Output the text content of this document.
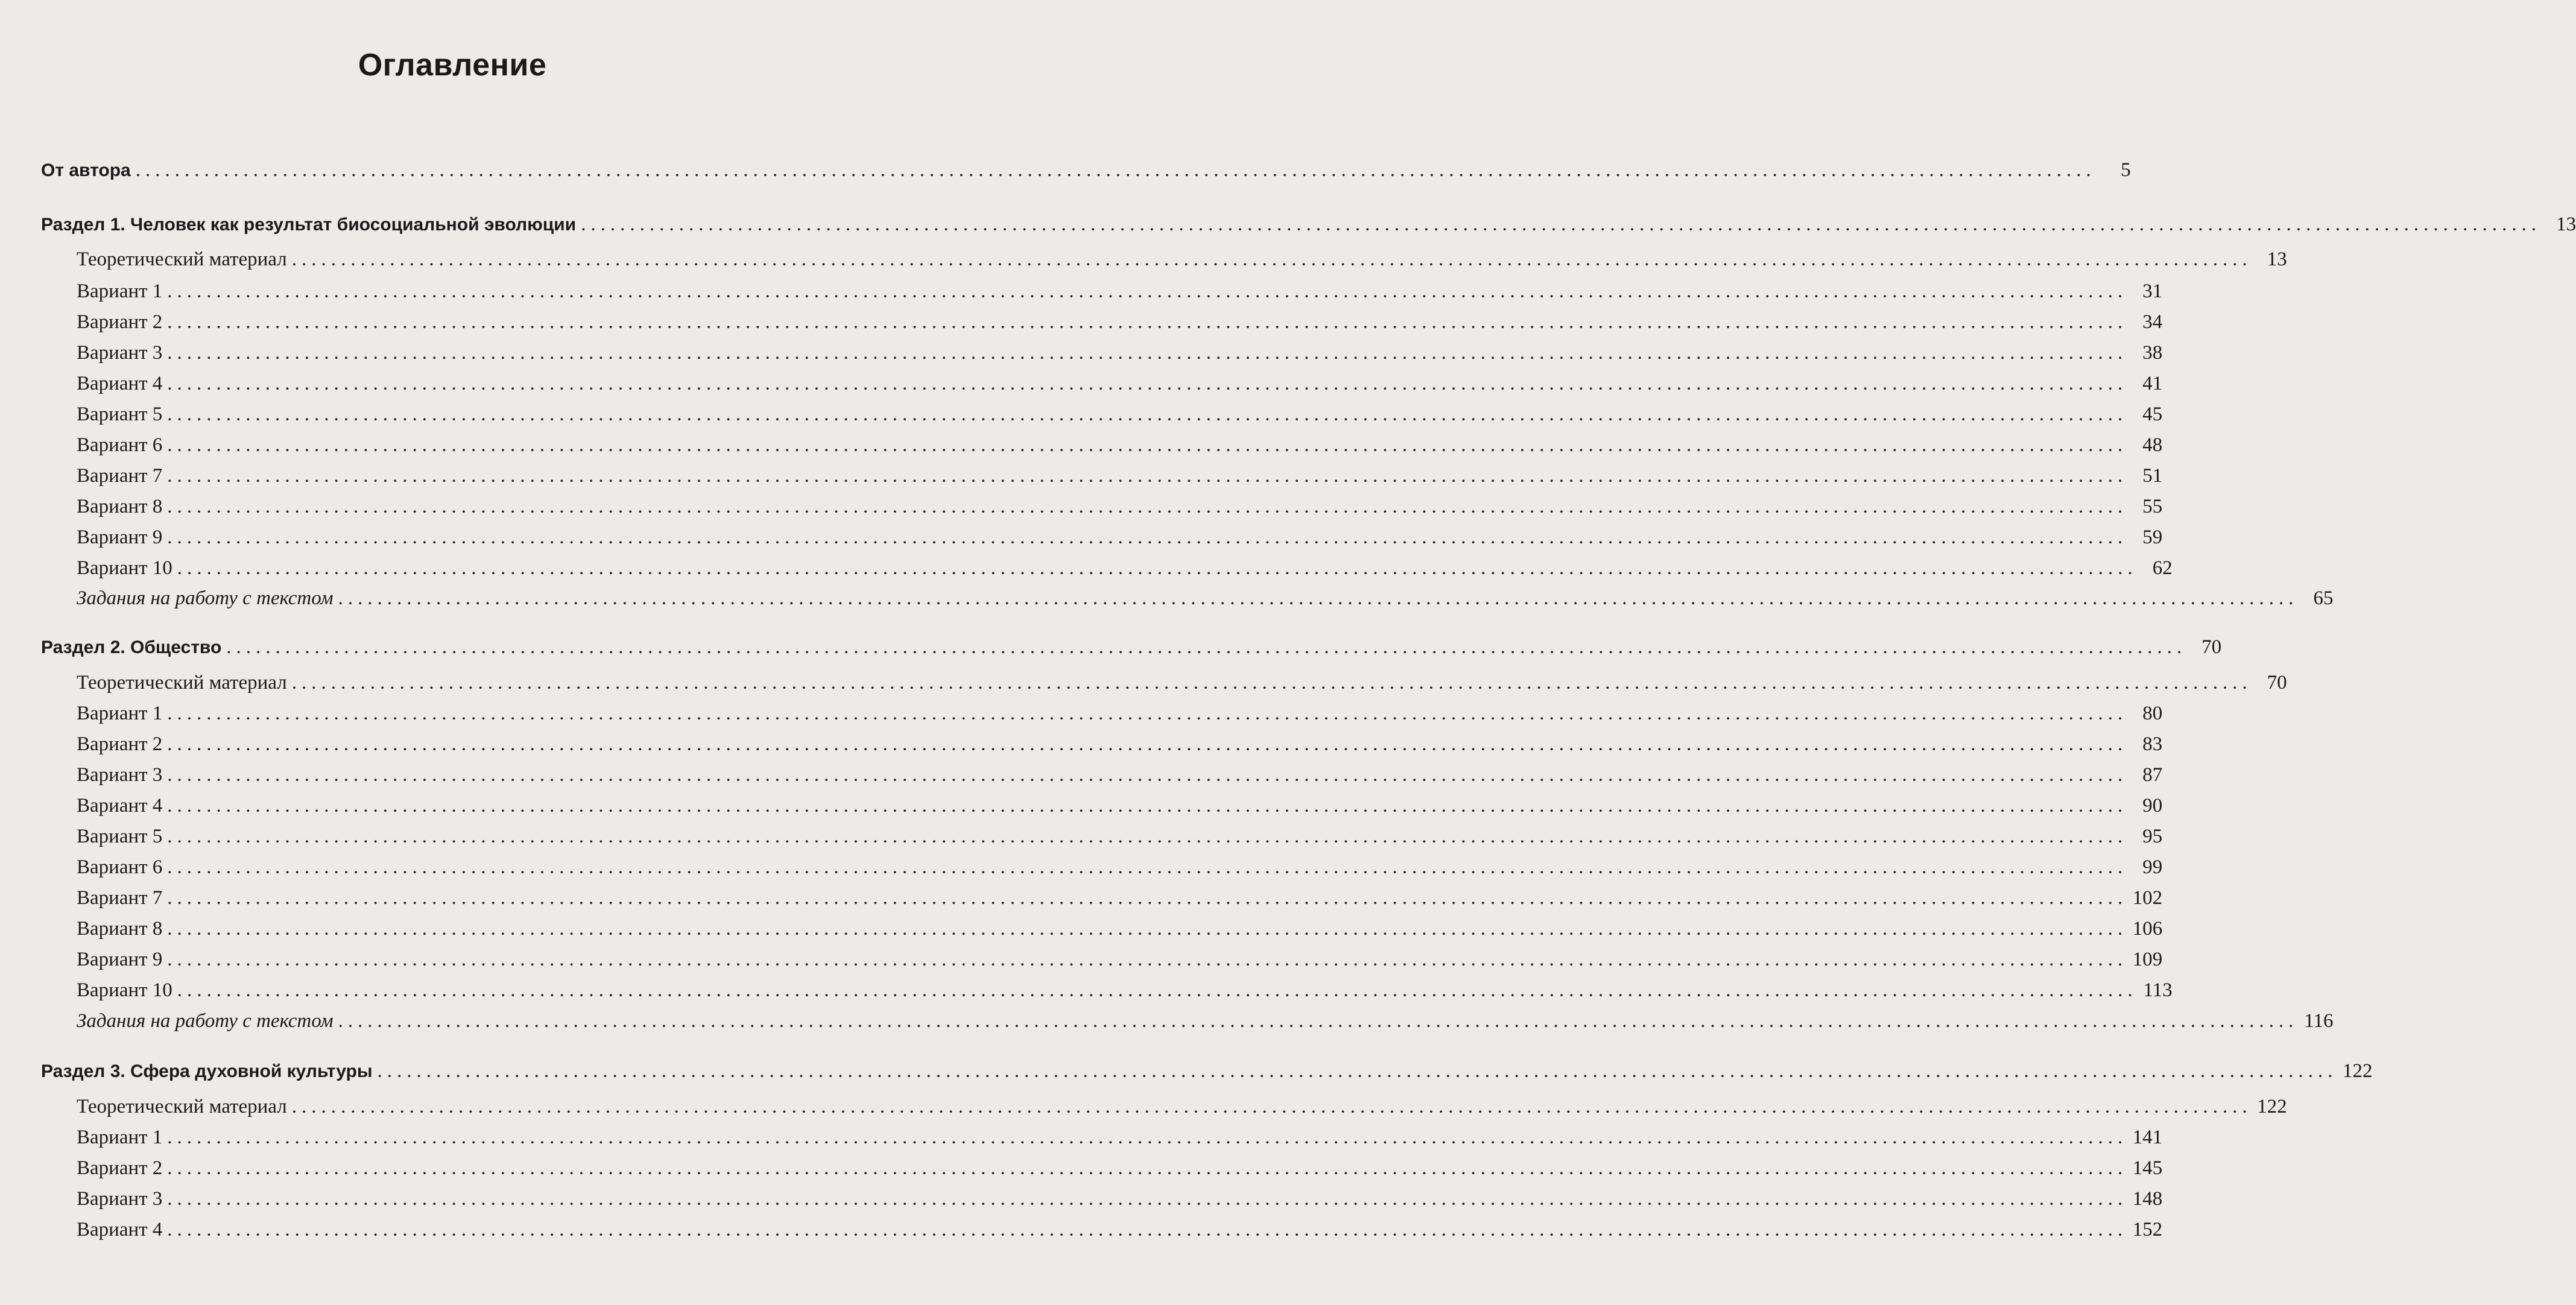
Оглавление
От автора ........................................................................................................................................................................................................	5
Раздел 1. Человек как результат биосоциальной эволюции ........................................................................................................................................................................................................ 13
Теоретический материал ........................................................................................................................................................................................................ 13
Вариант 1 ........................................................................................................................................................................................................ 31
Вариант 2 ........................................................................................................................................................................................................ 34
Вариант 3 ........................................................................................................................................................................................................ 38
Вариант 4 ........................................................................................................................................................................................................ 41
Вариант 5 ........................................................................................................................................................................................................ 45
Вариант 6 ........................................................................................................................................................................................................ 48
Вариант 7 ........................................................................................................................................................................................................ 51
Вариант 8 ........................................................................................................................................................................................................ 55
Вариант 9 ........................................................................................................................................................................................................ 59
Вариант 10 ........................................................................................................................................................................................................ 62
Задания на работу с текстом ........................................................................................................................................................................................................ 65
Раздел 2. Общество ........................................................................................................................................................................................................ 70
Теоретический материал ........................................................................................................................................................................................................ 70
Вариант 1 ........................................................................................................................................................................................................ 80
Вариант 2 ........................................................................................................................................................................................................ 83
Вариант 3 ........................................................................................................................................................................................................ 87
Вариант 4 ........................................................................................................................................................................................................ 90
Вариант 5 ........................................................................................................................................................................................................ 95
Вариант 6 ........................................................................................................................................................................................................ 99
Вариант 7 ........................................................................................................................................................................................................ 102
Вариант 8 ........................................................................................................................................................................................................ 106
Вариант 9 ........................................................................................................................................................................................................ 109
Вариант 10 ........................................................................................................................................................................................................ 113
Задания на работу с текстом ........................................................................................................................................................................................................ 116
Раздел 3. Сфера духовной культуры ........................................................................................................................................................................................................ 122
Теоретический материал ........................................................................................................................................................................................................ 122
Вариант 1 ........................................................................................................................................................................................................ 141
Вариант 2 ........................................................................................................................................................................................................ 145
Вариант 3 ........................................................................................................................................................................................................ 148
Вариант 4 ........................................................................................................................................................................................................ 152
